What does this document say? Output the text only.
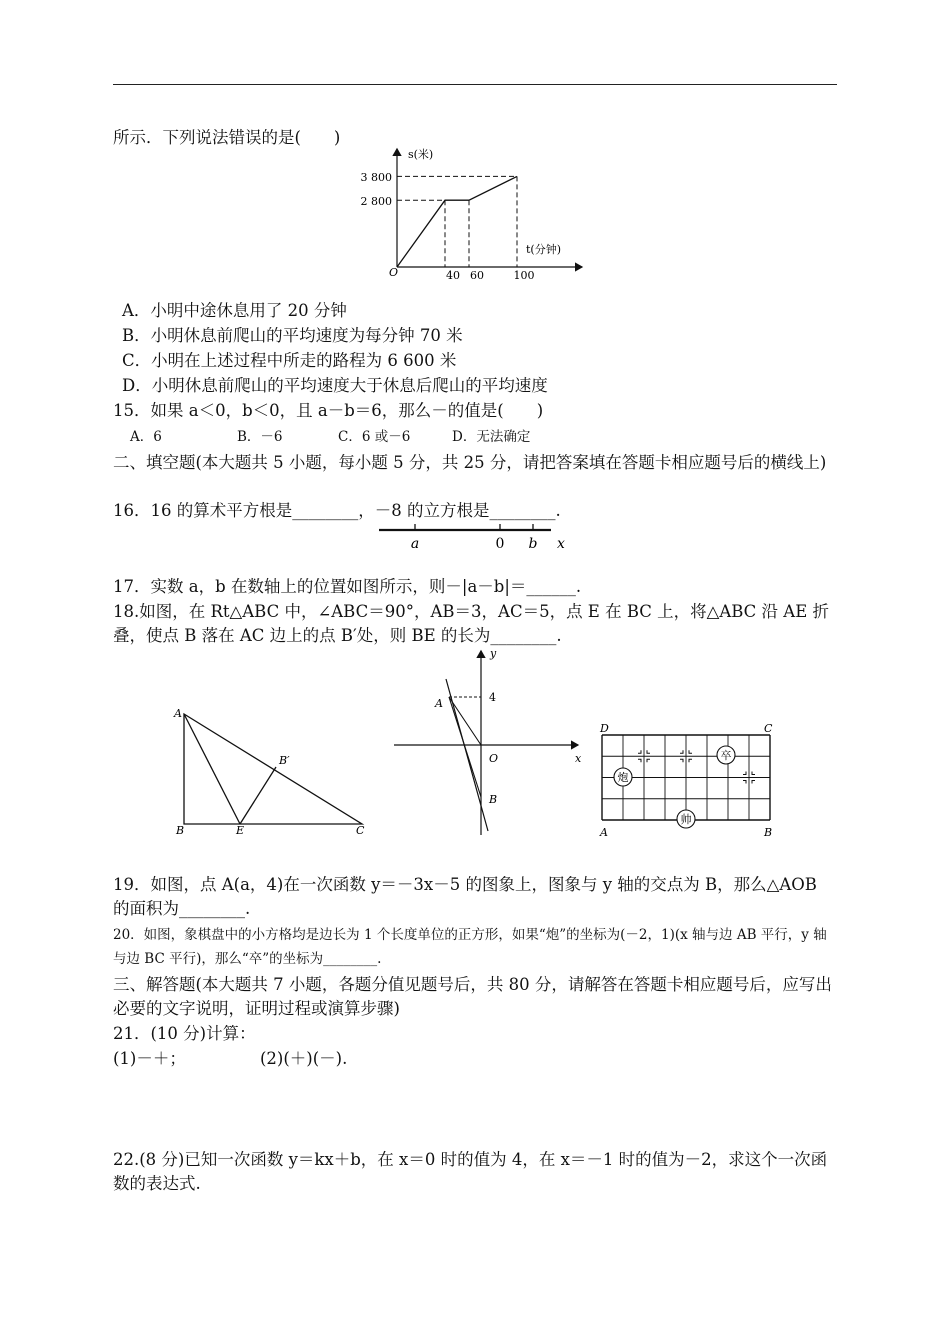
所示．下列说法错误的是(　　)
s(米)
t(分钟)
O
3 800
2 800
40 60	100
A．小明中途休息用了 20 分钟
B．小明休息前爬山的平均速度为每分钟 70 米
C．小明在上述过程中所走的路程为 6 600 米
D．小明休息前爬山的平均速度大于休息后爬山的平均速度
15．如果 a＜0，b＜0，且 a－b＝6，那么－的值是(　　)
A．6	B．－6	C．6 或－6	D．无法确定
二、填空题(本大题共 5 小题，每小题 5 分，共 25 分，请把答案填在答题卡相应题号后的横线上)
16．16 的算术平方根是________，－8 的立方根是________.
a	0 b x
17．实数 a，b 在数轴上的位置如图所示，则－|a－b|＝______.
18.如图，在 Rt△ABC 中，∠ABC＝90°，AB＝3，AC＝5，点 E 在 BC 上，将△ABC 沿 AE 折叠，使点 B 落在 AC 边上的点 B′处，则 BE 的长为________.
A
B′
B	E	C
y
4
A
O	x
B
炮
卒
帅
D	C
A	B
19．如图，点 A(a，4)在一次函数 y＝－3x－5 的图象上，图象与 y 轴的交点为 B，那么△AOB 的面积为________.
20．如图，象棋盘中的小方格均是边长为 1 个长度单位的正方形，如果“炮”的坐标为(－2，1)(x 轴与边 AB 平行，y 轴与边 BC 平行)，那么“卒”的坐标为________.
三、解答题(本大题共 7 小题，各题分值见题号后，共 80 分，请解答在答题卡相应题号后，应写出必要的文字说明，证明过程或演算步骤)
21．(10 分)计算：
(1)－＋；	(2)(＋)(－).
22.(8 分)已知一次函数 y＝kx＋b，在 x＝0 时的值为 4，在 x＝－1 时的值为－2，求这个一次函数的表达式.
